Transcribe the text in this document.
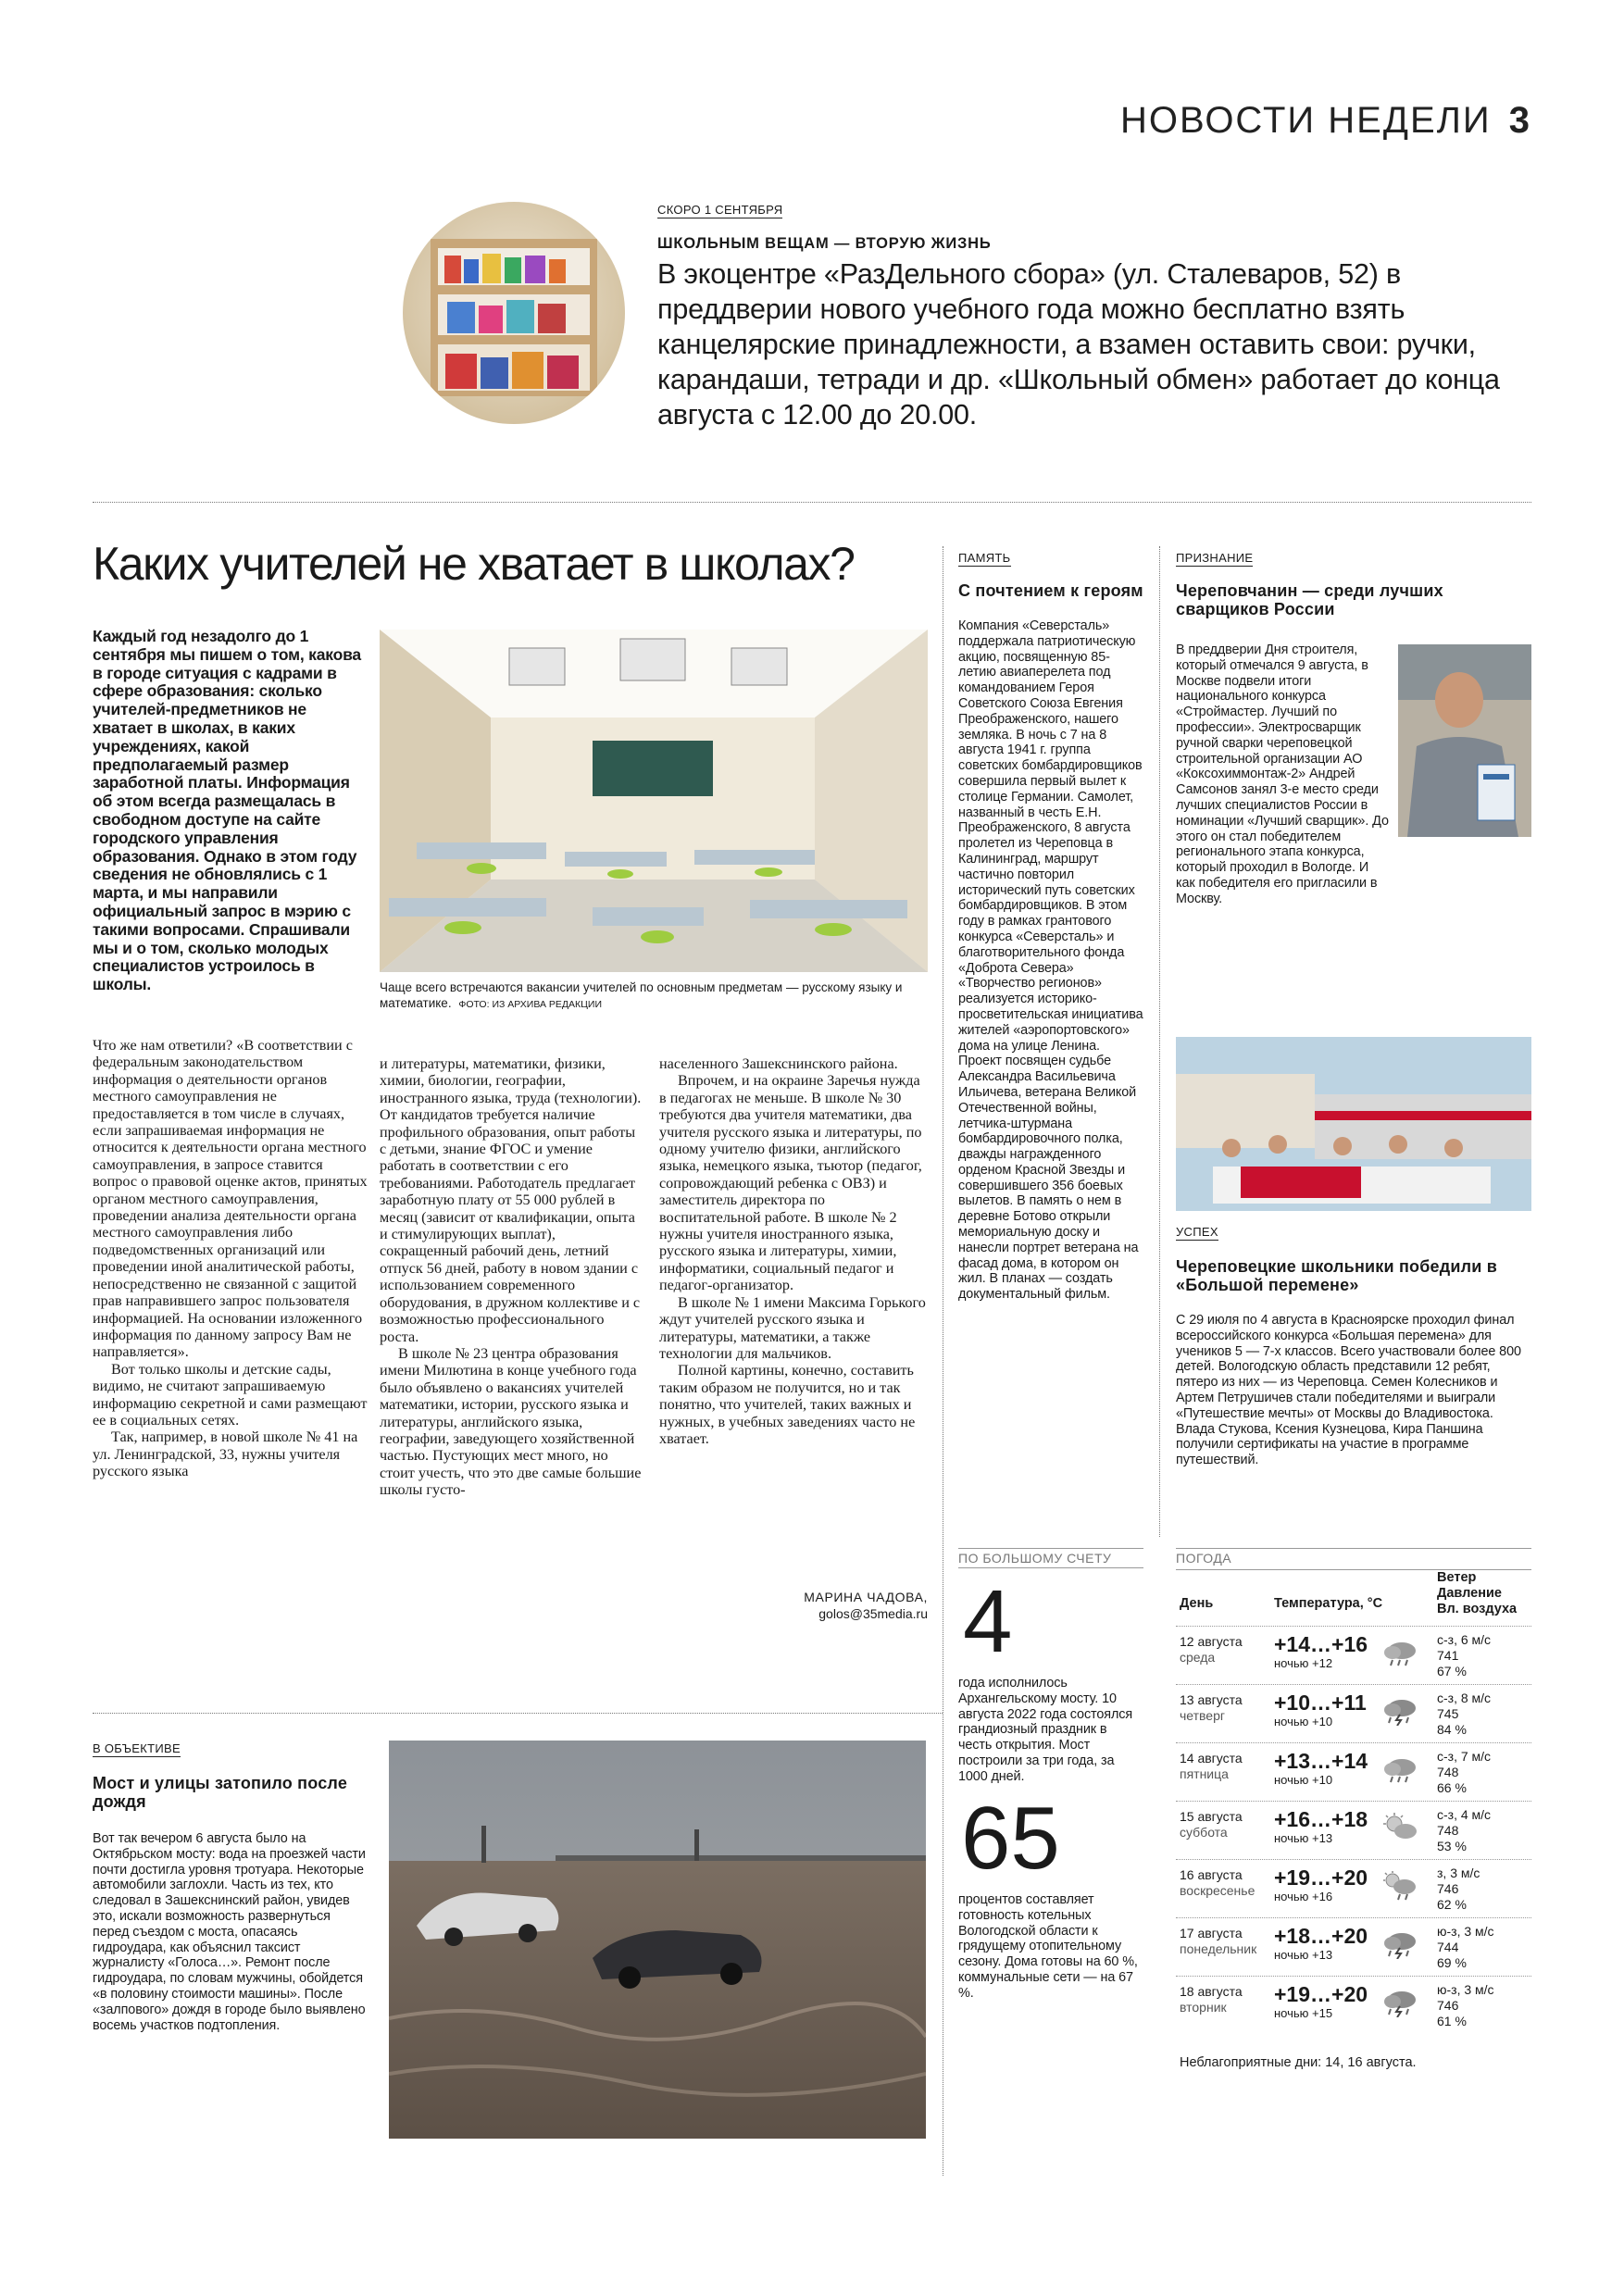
НОВОСТИ НЕДЕЛИ 3
СКОРО 1 СЕНТЯБРЯ
ШКОЛЬНЫМ ВЕЩАМ — ВТОРУЮ ЖИЗНЬ
В экоцентре «РазДельного сбора» (ул. Сталеваров, 52) в преддверии нового учебного года можно бесплатно взять канцелярские принадлежности, а взамен оставить свои: ручки, карандаши, тетради и др. «Школьный обмен» работает до конца августа с 12.00 до 20.00.
Каких учителей не хватает в школах?
Каждый год незадолго до 1 сентября мы пишем о том, какова в городе ситуация с кадрами в сфере образования: сколько учителей-предметников не хватает в школах, в каких учреждениях, какой предполагаемый размер заработной платы. Информация об этом всегда размещалась в свободном доступе на сайте городского управления образования. Однако в этом году сведения не обновлялись с 1 марта, и мы направили официальный запрос в мэрию с такими вопросами. Спрашивали мы и о том, сколько молодых специалистов устроилось в школы.	Чаще всего встречаются вакансии учителей по основным предметам — русскому языку и математике. ФОТО: ИЗ АРХИВА РЕДАКЦИИ

Что же нам ответили? «В соответствии с федеральным законодательством информация о деятельности органов местного самоуправления не предоставляется в том числе в случаях, если запрашиваемая информация не относится к деятельности органа местного самоуправления, в запросе ставится вопрос о правовой оценке актов, принятых органом местного самоуправления, проведении анализа деятельности органа местного самоуправления либо подведомственных организаций или проведении иной аналитической работы, непосредственно не связанной с защитой прав направившего запрос пользователя информацией. На основании изложенного информация по данному запросу Вам не направляется».

Вот только школы и детские сады, видимо, не считают запрашиваемую информацию секретной и сами размещают ее в социальных сетях.

Так, например, в новой школе № 41 на ул. Ленинградской, 33, нужны учителя русского языка

и литературы, математики, физики, химии, биологии, географии, иностранного языка, труда (технологии). От кандидатов требуется наличие профильного образования, опыт работы с детьми, знание ФГОС и умение работать в соответствии с его требованиями. Работодатель предлагает заработную плату от 55 000 рублей в месяц (зависит от квалификации, опыта и стимулирующих выплат), сокращенный рабочий день, летний отпуск 56 дней, работу в новом здании с использованием современного оборудования, в дружном коллективе и с возможностью профессионального роста.

В школе № 23 центра образования имени Милютина в конце учебного года было объявлено о вакансиях учителей математики, истории, русского языка и литературы, английского языка, географии, заведующего хозяйственной частью. Пустующих мест много, но стоит учесть, что это две самые большие школы густо-

населенного Зашекснинского района.

Впрочем, и на окраине Заречья нужда в педагогах не меньше. В школе № 30 требуются два учителя математики, два учителя русского языка и литературы, по одному учителю физики, английского языка, немецкого языка, тьютор (педагог, сопровождающий ребенка с ОВЗ) и заместитель директора по воспитательной работе. В школе № 2 нужны учителя иностранного языка, русского языка и литературы, химии, информатики, социальный педагог и педагог-организатор.

В школе № 1 имени Максима Горького ждут учителей русского языка и литературы, математики, а также технологии для мальчиков.

Полной картины, конечно, составить таким образом не получится, но и так понятно, что учителей, таких важных и нужных, в учебных заведениях часто не хватает.

МАРИНА ЧАДОВА,
golos@35media.ru
ПАМЯТЬ
С почтением к героям
Компания «Северсталь» поддержала патриотическую акцию, посвященную 85-летию авиаперелета под командованием Героя Советского Союза Евгения Преображенского, нашего земляка. В ночь с 7 на 8 августа 1941 г. группа советских бомбардировщиков совершила первый вылет к столице Германии. Самолет, названный в честь Е.Н. Преображенского, 8 августа пролетел из Череповца в Калининград, маршрут частично повторил исторический путь советских бомбардировщиков. В этом году в рамках грантового конкурса «Северсталь» и благотворительного фонда «Доброта Севера» «Творчество регионов» реализуется историко-просветительская инициатива жителей «аэропортовского» дома на улице Ленина. Проект посвящен судьбе Александра Васильевича Ильичева, ветерана Великой Отечественной войны, летчика-штурмана бомбардировочного полка, дважды награжденного орденом Красной Звезды и совершившего 356 боевых вылетов. В память о нем в деревне Ботово открыли мемориальную доску и нанесли портрет ветерана на фасад дома, в котором он жил. В планах — создать документальный фильм.
ПРИЗНАНИЕ
Череповчанин — среди лучших сварщиков России
В преддверии Дня строителя, который отмечался 9 августа, в Москве подвели итоги национального конкурса «Строймастер. Лучший по профессии». Электросварщик ручной сварки череповецкой строительной организации АО «Коксохиммонтаж-2» Андрей Самсонов занял 3-е место среди лучших специалистов России в номинации «Лучший сварщик». До этого он стал победителем регионального этапа конкурса, который проходил в Вологде. И как победителя его пригласили в Москву.
УСПЕХ
Череповецкие школьники победили в «Большой перемене»
С 29 июля по 4 августа в Красноярске проходил финал всероссийского конкурса «Большая перемена» для учеников 5 — 7-х классов. Всего участвовали более 800 детей. Вологодскую область представили 12 ребят, пятеро из них — из Череповца. Семен Колесников и Артем Петрушичев стали победителями и выиграли «Путешествие мечты» от Москвы до Владивостока. Влада Стукова, Ксения Кузнецова, Кира Паншина получили сертификаты на участие в программе путешествий.
ПО БОЛЬШОМУ СЧЕТУ
4
года исполнилось Архангельскому мосту. 10 августа 2022 года состоялся грандиозный праздник в честь открытия. Мост построили за три года, за 1000 дней.
65
процентов составляет готовность котельных Вологодской области к грядущему отопительному сезону. Дома готовы на 60 %, коммунальные сети — на 67 %.
ПОГОДА
День	Температура, °С
Ветер
Давление
Вл. воздуха
12 августа
среда
+14…+16
ночью +12
с-з, 6 м/с
741
67 %
13 августа
четверг
+10…+11
ночью +10
с-з, 8 м/с
745
84 %
14 августа
пятница
+13…+14
ночью +10
с-з, 7 м/с
748
66 %
15 августа
суббота
+16…+18
ночью +13
с-з, 4 м/с
748
53 %
16 августа
воскресенье
+19…+20
ночью +16
з, 3 м/с
746
62 %
17 августа
понедельник
+18…+20
ночью +13
ю-з, 3 м/с
744
69 %
18 августа
вторник
+19…+20
ночью +15
ю-з, 3 м/с
746
61 %
Неблагоприятные дни: 14, 16 августа.
В ОБЪЕКТИВЕ
Мост и улицы затопило после дождя
Вот так вечером 6 августа было на Октябрьском мосту: вода на проезжей части почти достигла уровня тротуара. Некоторые автомобили заглохли. Часть из тех, кто следовал в Зашекснинский район, увидев это, искали возможность развернуться перед съездом с моста, опасаясь гидроудара, как объяснил таксист журналисту «Голоса…». Ремонт после гидроудара, по словам мужчины, обойдется «в половину стоимости машины». После «залпового» дождя в городе было выявлено восемь участков подтопления.
